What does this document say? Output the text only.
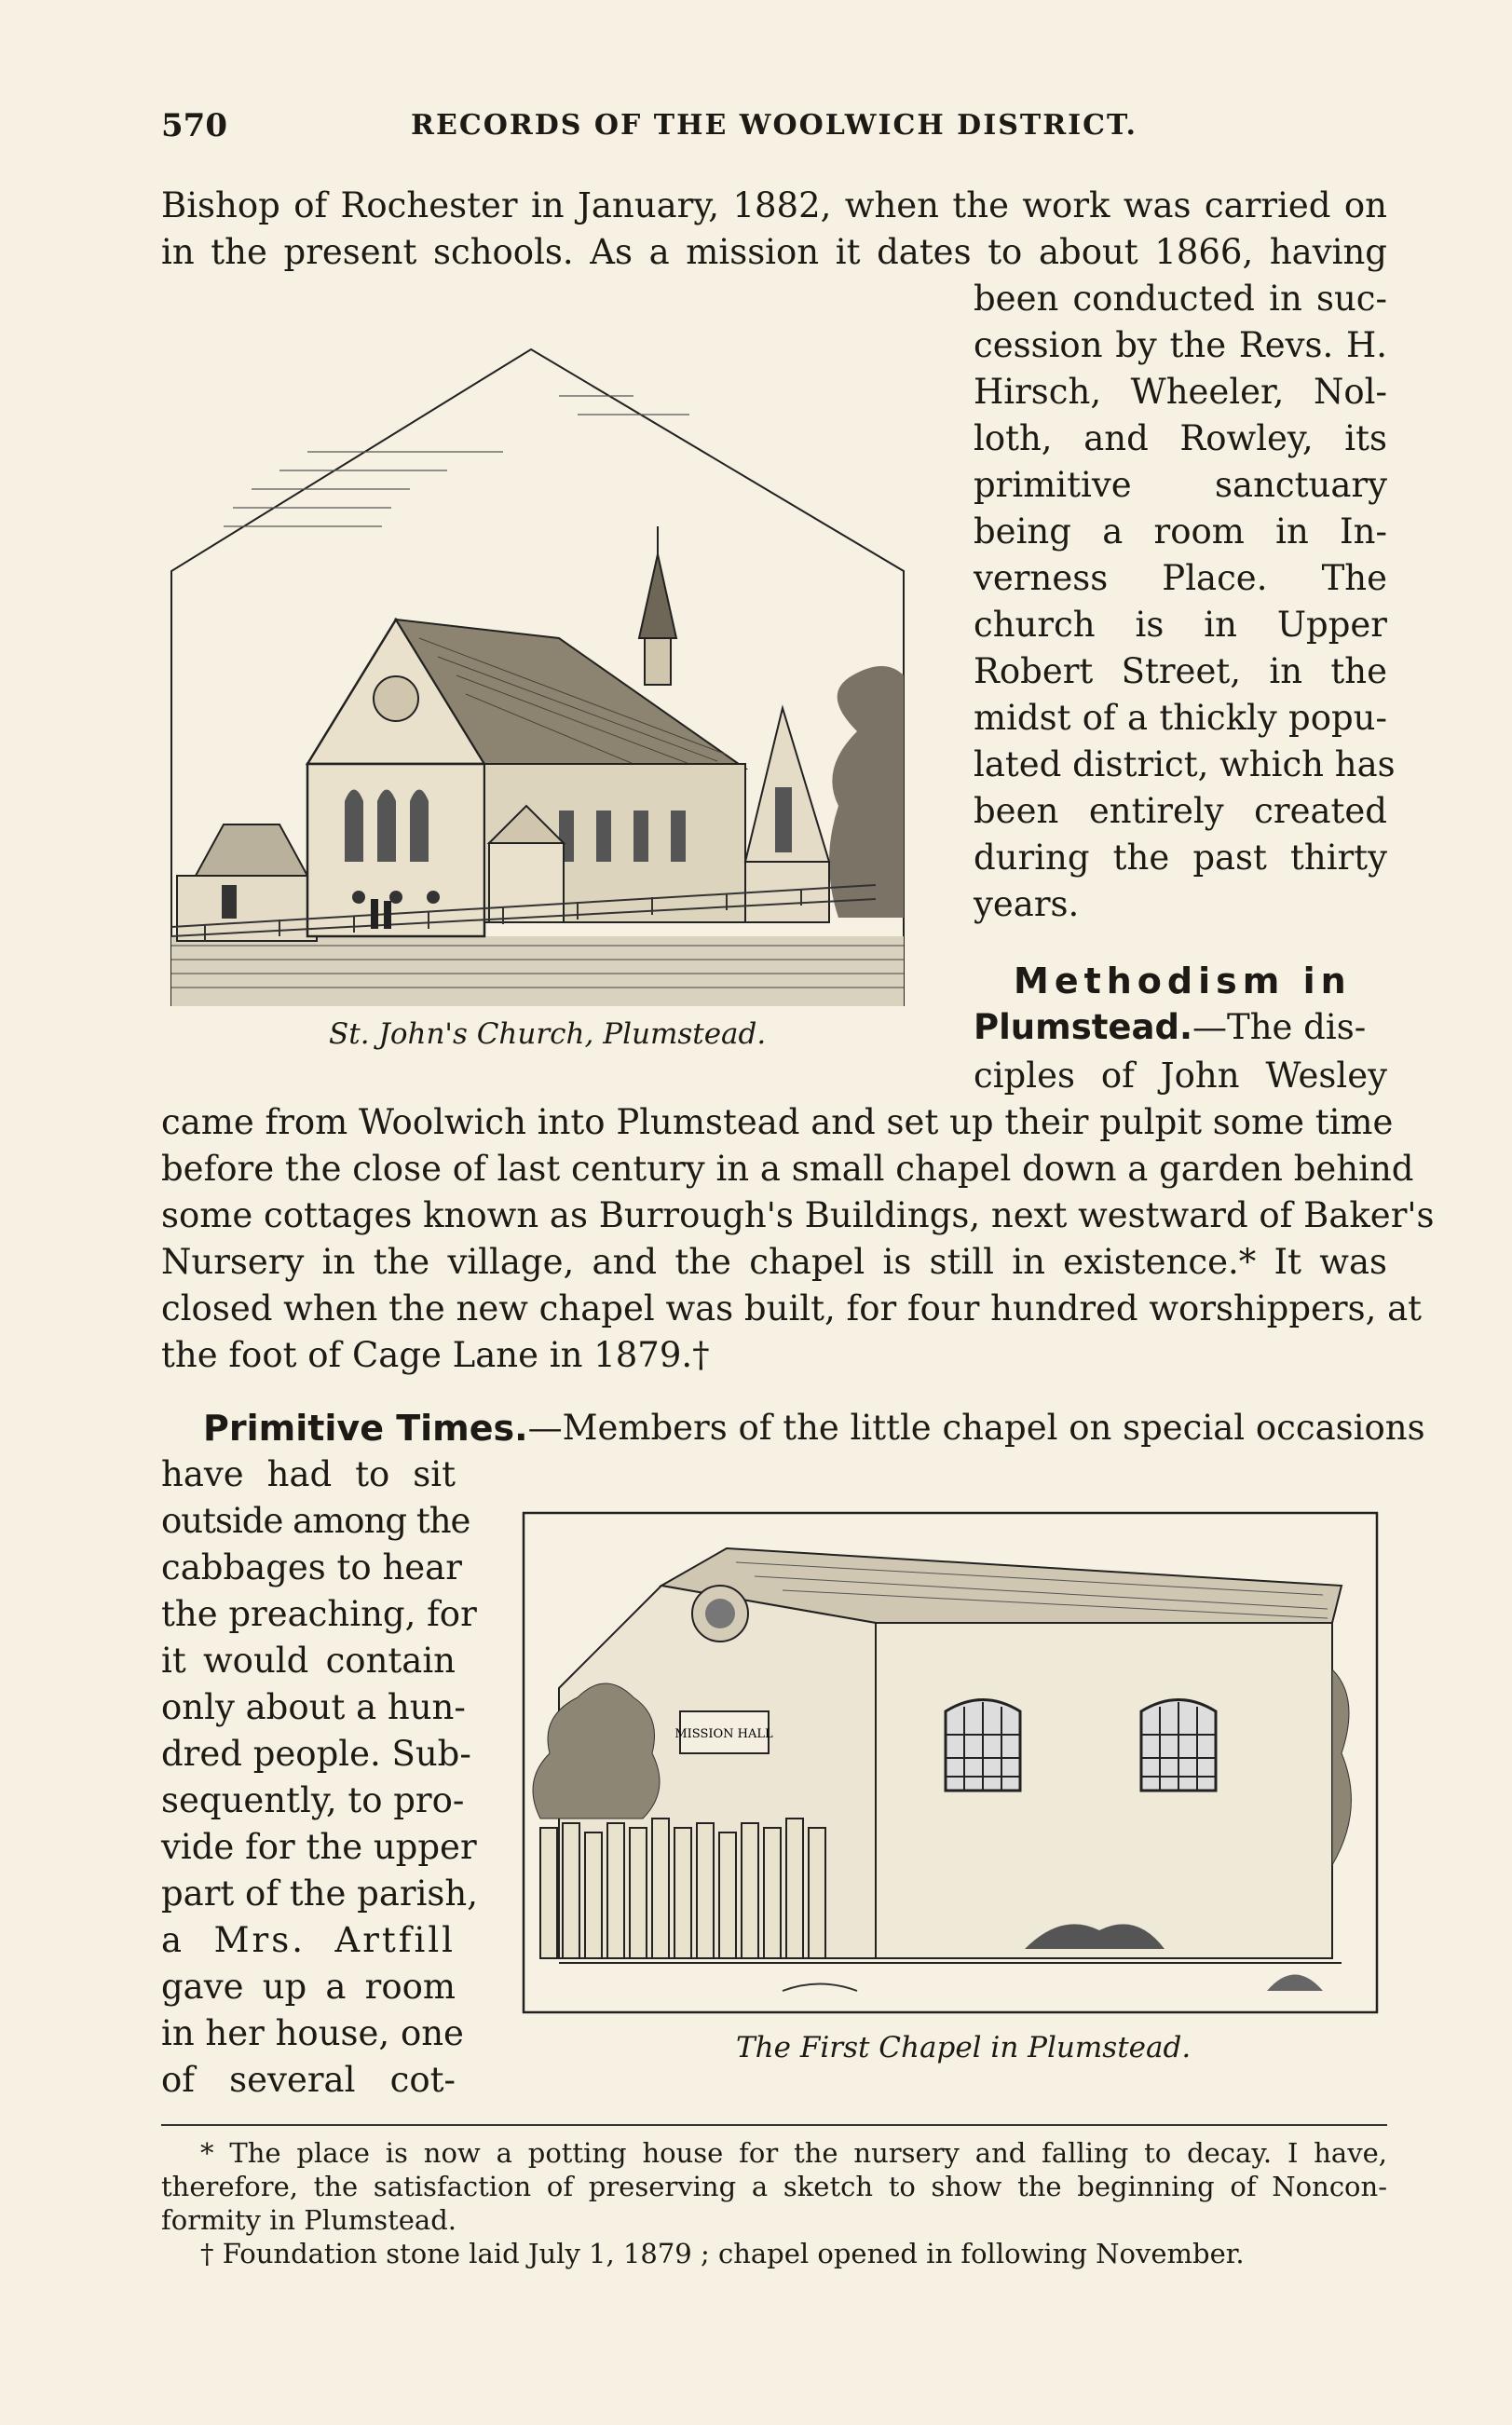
570	RECORDS OF THE WOOLWICH DISTRICT.
Bishop of Rochester in January, 1882, when the work was carried on
in the present schools. As a mission it dates to about 1866, having
been conducted in suc-
cession by the Revs. H.
Hirsch, Wheeler, Nol-
loth, and Rowley, its
primitive sanctuary
being a room in In-
verness Place. The
church is in Upper
Robert Street, in the
midst of a thickly popu-
lated district, which has
been entirely created
during the past thirty
years.
St. John's Church, Plumstead.
Methodism in
Plumstead.—The dis-
ciples of John Wesley
came from Woolwich into Plumstead and set up their pulpit some time
before the close of last century in a small chapel down a garden behind
some cottages known as Burrough's Buildings, next westward of Baker's
Nursery in the village, and the chapel is still in existence.* It was
closed when the new chapel was built, for four hundred worshippers, at
the foot of Cage Lane in 1879.†
Primitive Times. —Members of the little chapel on special occasions
have had to sit
outside among the
cabbages to hear
the preaching, for
it would contain
only about a hun-
dred people. Sub-
sequently, to pro-
vide for the upper
part of the parish,
a Mrs. Artfill
gave up a room
in her house, one
of several cot-
MISSION HALL
The First Chapel in Plumstead.
* The place is now a potting house for the nursery and falling to decay. I have,
therefore, the satisfaction of preserving a sketch to show the beginning of Noncon-
formity in Plumstead.
† Foundation stone laid July 1, 1879 ; chapel opened in following November.
